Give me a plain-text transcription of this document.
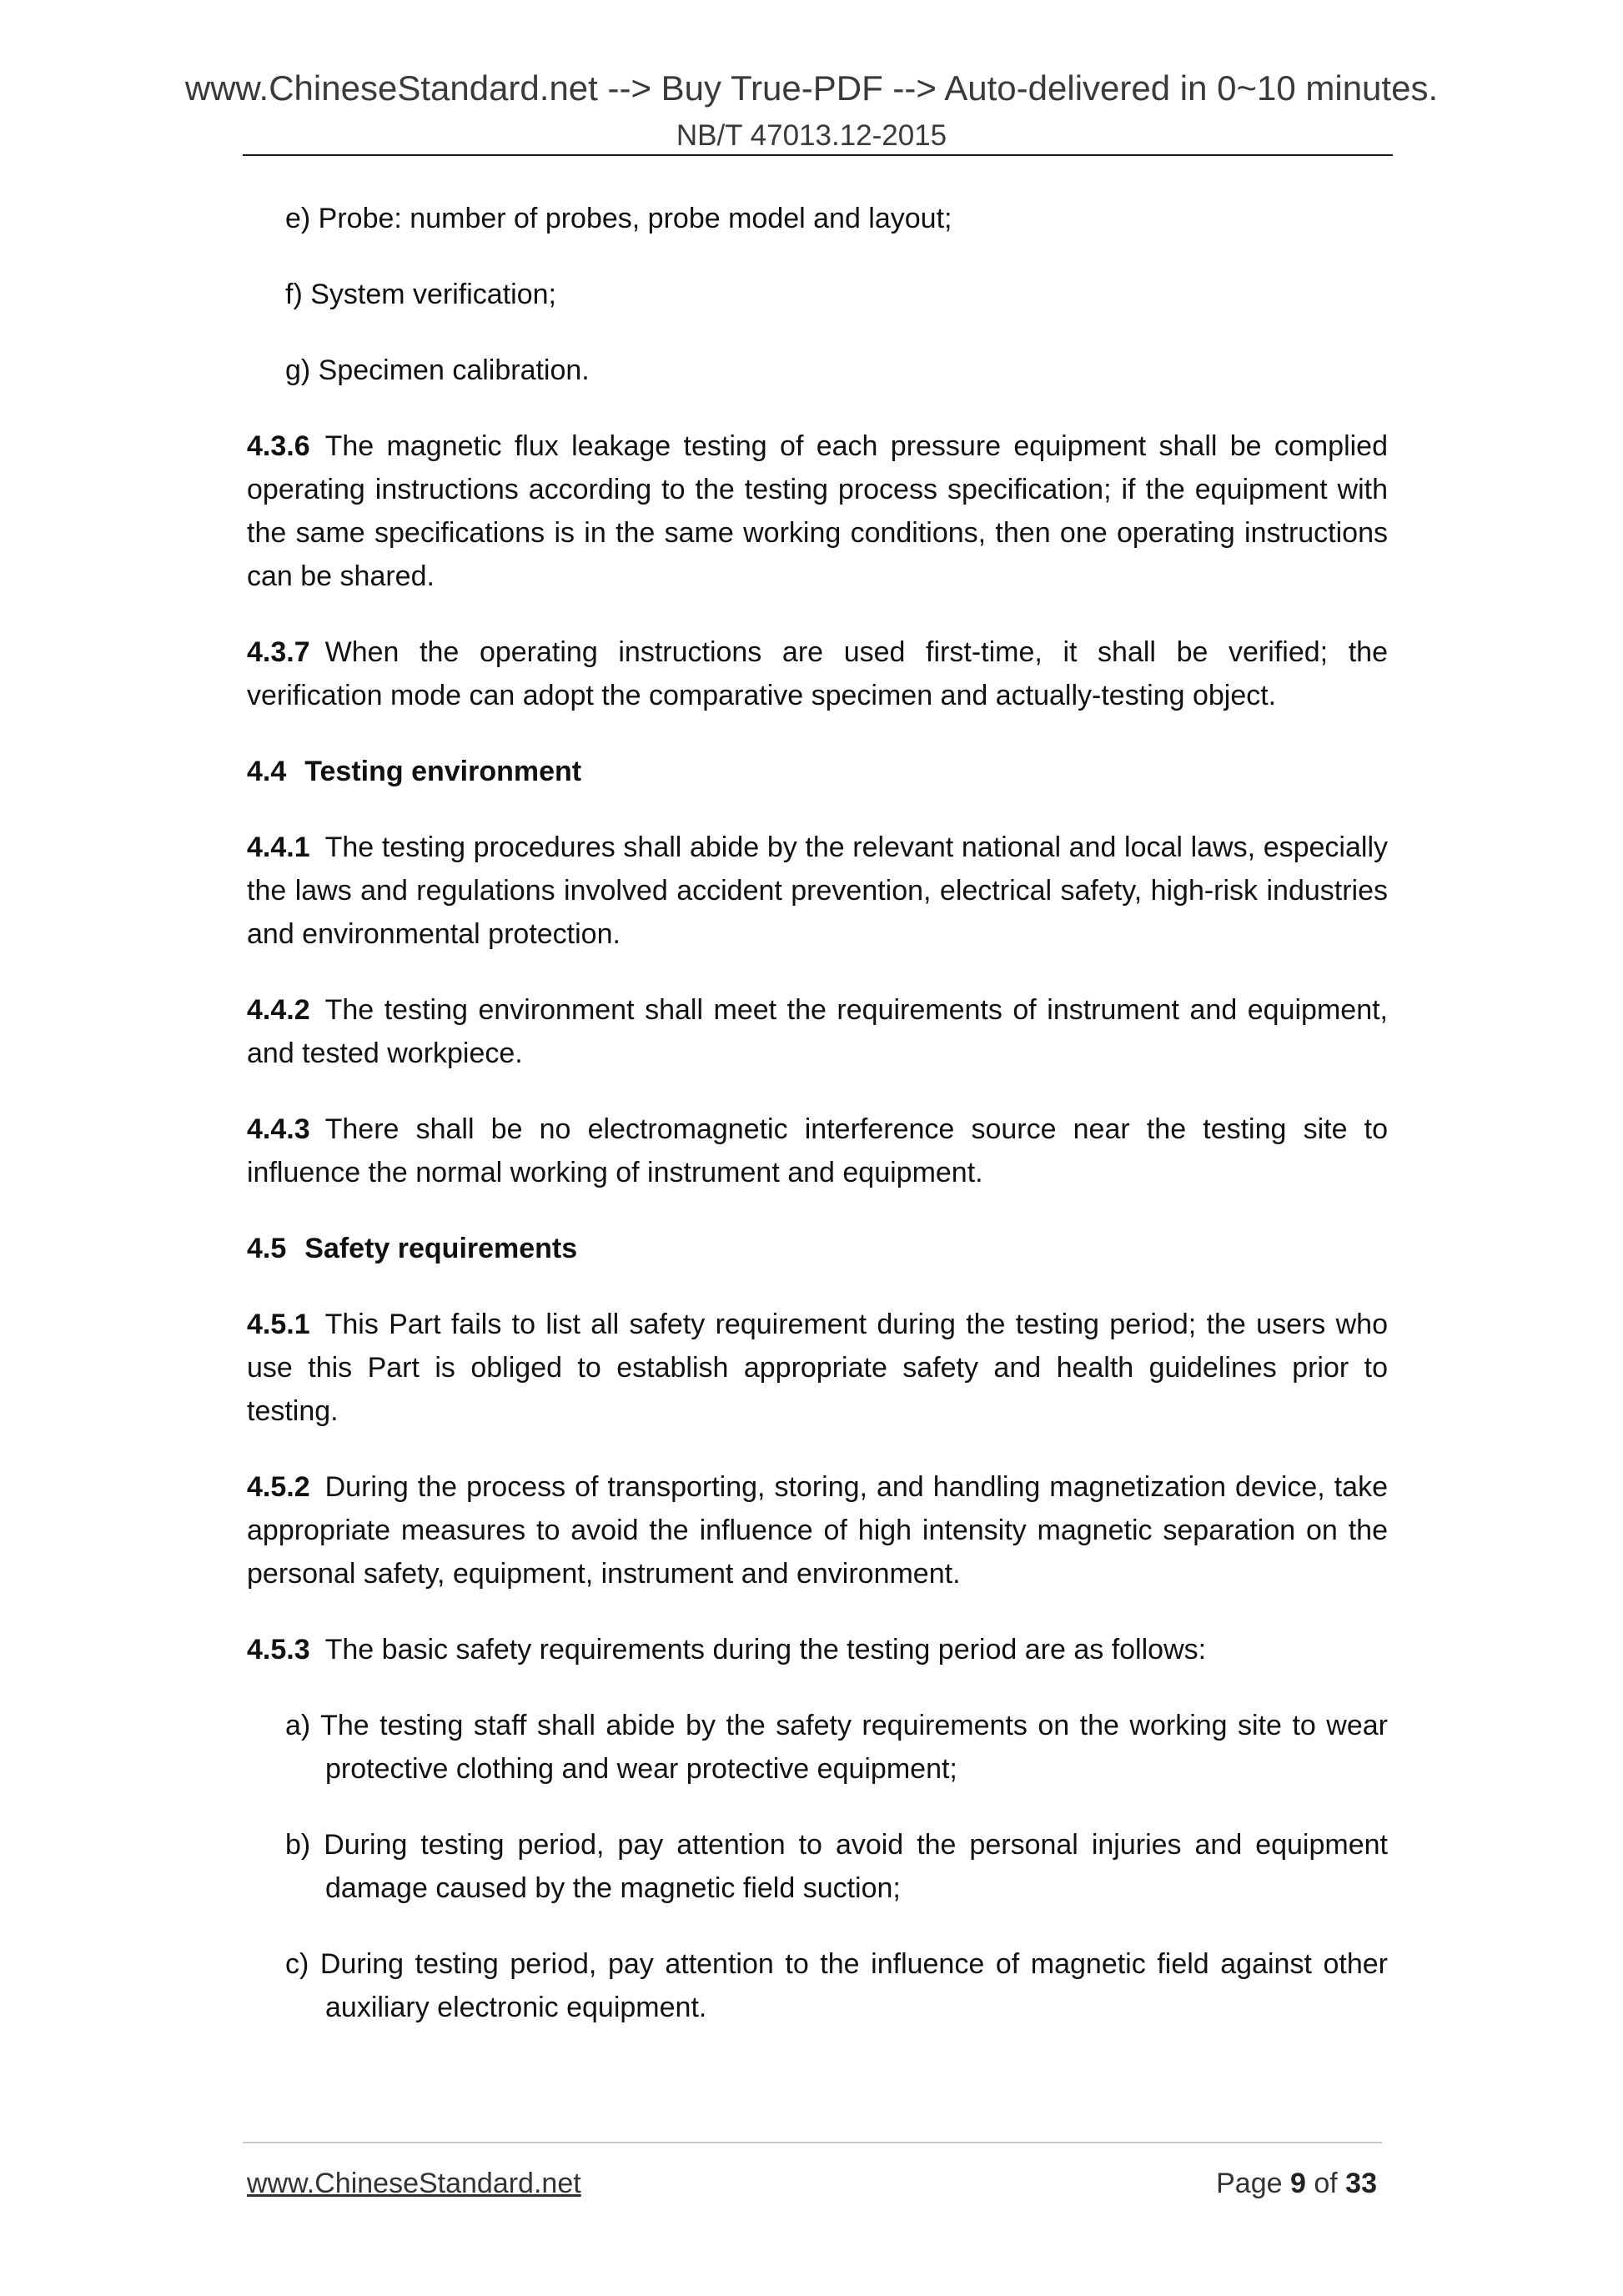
www.ChineseStandard.net --> Buy True-PDF --> Auto-delivered in 0~10 minutes.
NB/T 47013.12-2015

e) Probe: number of probes, probe model and layout;

f) System verification;

g) Specimen calibration.

4.3.6 The magnetic flux leakage testing of each pressure equipment shall be complied operating instructions according to the testing process specification; if the equipment with the same specifications is in the same working conditions, then one operating instructions can be shared.

4.3.7 When the operating instructions are used first-time, it shall be verified; the verification mode can adopt the comparative specimen and actually-testing object.

4.4 Testing environment

4.4.1 The testing procedures shall abide by the relevant national and local laws, especially the laws and regulations involved accident prevention, electrical safety, high-risk industries and environmental protection.

4.4.2 The testing environment shall meet the requirements of instrument and equipment, and tested workpiece.

4.4.3 There shall be no electromagnetic interference source near the testing site to influence the normal working of instrument and equipment.

4.5 Safety requirements

4.5.1 This Part fails to list all safety requirement during the testing period; the users who use this Part is obliged to establish appropriate safety and health guidelines prior to testing.

4.5.2 During the process of transporting, storing, and handling magnetization device, take appropriate measures to avoid the influence of high intensity magnetic separation on the personal safety, equipment, instrument and environment.

4.5.3 The basic safety requirements during the testing period are as follows:

a) The testing staff shall abide by the safety requirements on the working site to wear protective clothing and wear protective equipment;

b) During testing period, pay attention to avoid the personal injuries and equipment damage caused by the magnetic field suction;

c) During testing period, pay attention to the influence of magnetic field against other auxiliary electronic equipment.

www.ChineseStandard.net	Page 9 of 33
